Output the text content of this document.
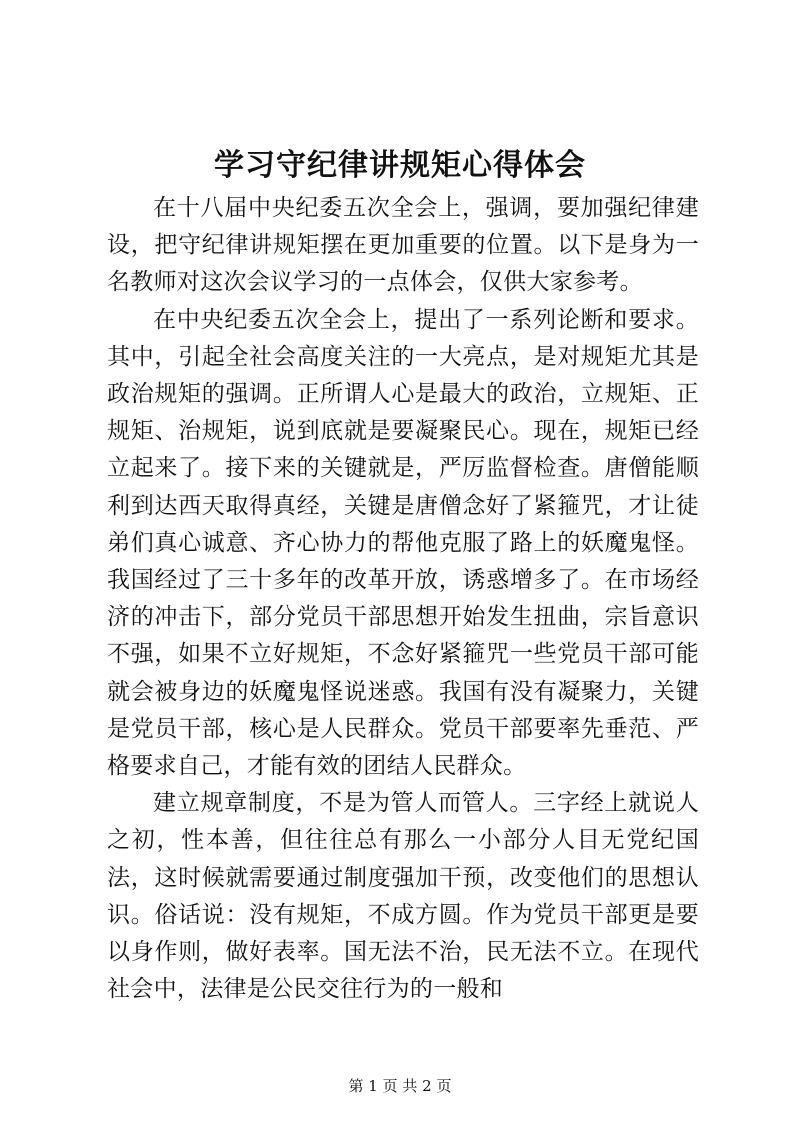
学习守纪律讲规矩心得体会

在十八届中央纪委五次全会上，强调，要加强纪律建设，把守纪律讲规矩摆在更加重要的位置。以下是身为一名教师对这次会议学习的一点体会，仅供大家参考。

在中央纪委五次全会上，提出了一系列论断和要求。其中，引起全社会高度关注的一大亮点，是对规矩尤其是政治规矩的强调。正所谓人心是最大的政治，立规矩、正规矩、治规矩，说到底就是要凝聚民心。现在，规矩已经立起来了。接下来的关键就是，严厉监督检查。唐僧能顺利到达西天取得真经，关键是唐僧念好了紧箍咒，才让徒弟们真心诚意、齐心协力的帮他克服了路上的妖魔鬼怪。我国经过了三十多年的改革开放，诱惑增多了。在市场经济的冲击下，部分党员干部思想开始发生扭曲，宗旨意识不强，如果不立好规矩，不念好紧箍咒一些党员干部可能就会被身边的妖魔鬼怪说迷惑。我国有没有凝聚力，关键是党员干部，核心是人民群众。党员干部要率先垂范、严格要求自己，才能有效的团结人民群众。

建立规章制度，不是为管人而管人。三字经上就说人之初，性本善，但往往总有那么一小部分人目无党纪国法，这时候就需要通过制度强加干预，改变他们的思想认识。俗话说：没有规矩，不成方圆。作为党员干部更是要以身作则，做好表率。国无法不治，民无法不立。在现代社会中，法律是公民交往行为的一般和

第 1 页 共 2 页
